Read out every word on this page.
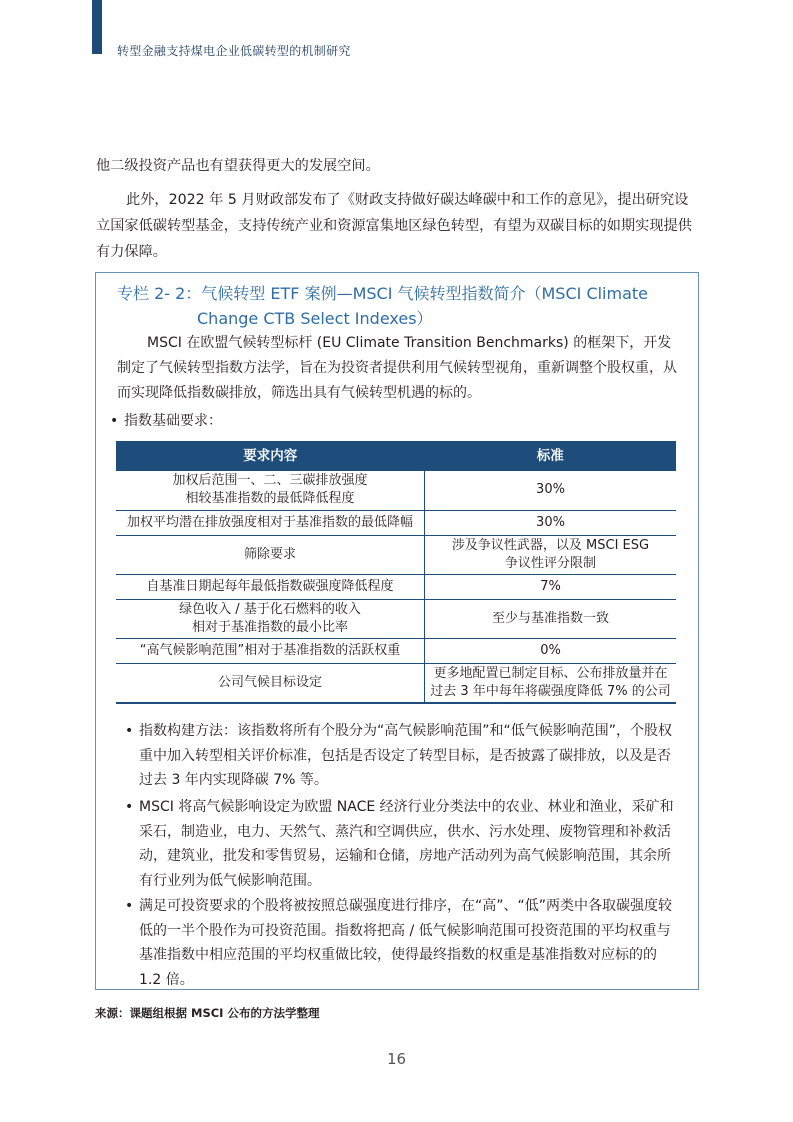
转型金融支持煤电企业低碳转型的机制研究

他二级投资产品也有望获得更大的发展空间。

此外，2022 年 5 月财政部发布了《财政支持做好碳达峰碳中和工作的意见》，提出研究设立国家低碳转型基金，支持传统产业和资源富集地区绿色转型，有望为双碳目标的如期实现提供有力保障。

专栏 2- 2：气候转型 ETF 案例—MSCI 气候转型指数简介（MSCI Climate
Change CTB Select Indexes）

MSCI 在欧盟气候转型标杆 (EU Climate Transition Benchmarks) 的框架下，开发制定了气候转型指数方法学，旨在为投资者提供利用气候转型视角，重新调整个股权重，从而实现降低指数碳排放，筛选出具有气候转型机遇的标的。

• 指数基础要求：
要求内容	标准
加权后范围一、二、三碳排放强度
相较基准指数的最低降低程度	30%
加权平均潜在排放强度相对于基准指数的最低降幅	30%
筛除要求	涉及争议性武器，以及 MSCI ESG
争议性评分限制
自基准日期起每年最低指数碳强度降低程度	7%
绿色收入 / 基于化石燃料的收入
相对于基准指数的最小比率	至少与基准指数一致
“高气候影响范围”相对于基准指数的活跃权重	0%
公司气候目标设定	更多地配置已制定目标、公布排放量并在
过去 3 年中每年将碳强度降低 7% 的公司

• 指数构建方法：该指数将所有个股分为“高气候影响范围”和“低气候影响范围”，个股权重中加入转型相关评价标准，包括是否设定了转型目标，是否披露了碳排放，以及是否过去 3 年内实现降碳 7% 等。

• MSCI 将高气候影响设定为欧盟 NACE 经济行业分类法中的农业、林业和渔业，采矿和采石，制造业，电力、天然气、蒸汽和空调供应，供水、污水处理、废物管理和补救活动，建筑业，批发和零售贸易，运输和仓储，房地产活动列为高气候影响范围，其余所有行业列为低气候影响范围。

• 满足可投资要求的个股将被按照总碳强度进行排序，在“高”、“低”两类中各取碳强度较低的一半个股作为可投资范围。指数将把高 / 低气候影响范围可投资范围的平均权重与基准指数中相应范围的平均权重做比较，使得最终指数的权重是基准指数对应标的的 1.2 倍。

来源：课题组根据 MSCI 公布的方法学整理
16
